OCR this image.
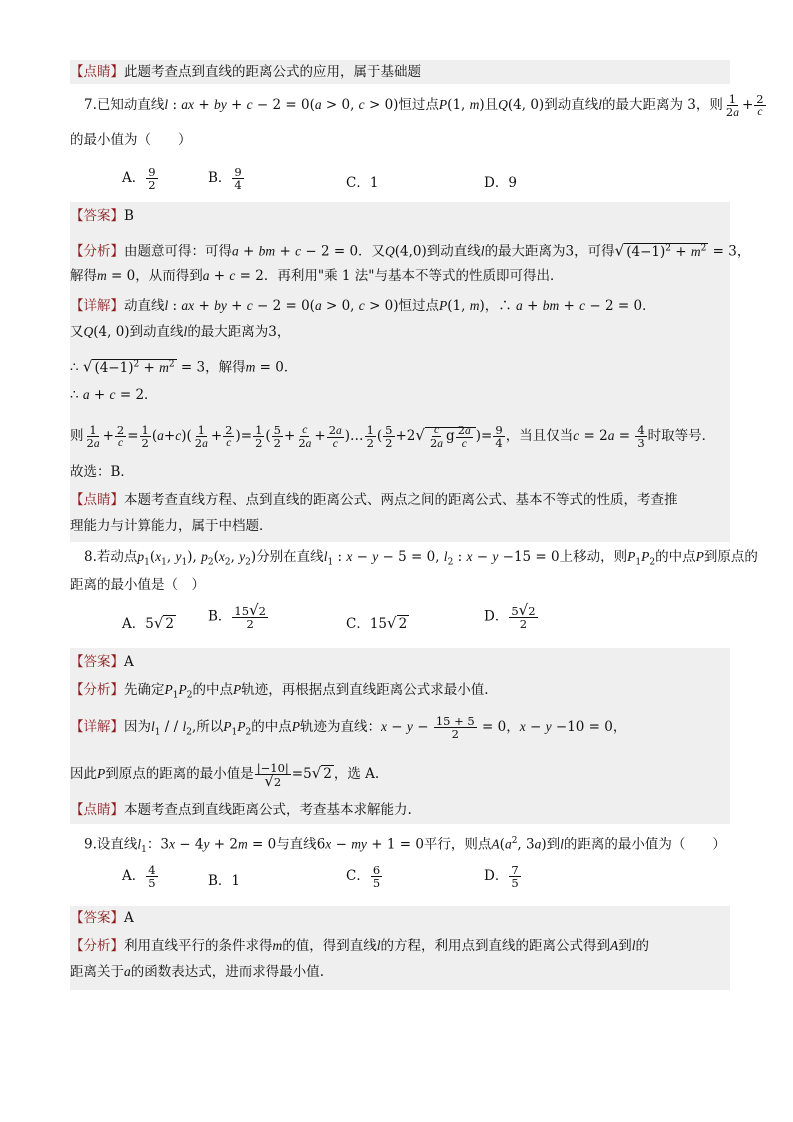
【点睛】此题考查点到直线的距离公式的应用，属于基础题
7.已知动直线l : ax + by + c − 2 = 0(a > 0, c > 0)恒过点P(1, m)且Q(4, 0)到动直线l的最大距离为 3，则 $\frac{1}{2a} + \frac{2}{c}$
的最小值为（　　）
A． $\frac{9}{2}$	B． $\frac{9}{4}$	C．1	D．9
【答案】B
【分析】由题意可得：可得a + bm + c − 2 = 0．又Q(4,0)到动直线l的最大距离为3，可得√ $(4-1)^2 + m^2 = 3$，
解得m = 0，从而得到a + c = 2．再利用"乘 1 法"与基本不等式的性质即可得出．
【详解】动直线l : ax + by + c − 2 = 0(a > 0, c > 0)恒过点P(1, m)，∴ a + bm + c − 2 = 0．
又Q(4, 0)到动直线l的最大距离为3，
∴ √ $(4-1)^2 + m^2 = 3$，解得m = 0．
∴ a + c = 2．
则 $\frac{1}{2a} + \frac{2}{c} = \frac{1}{2} (a+c)( \frac{1}{2a} + \frac{2}{c}$ )= $\frac{1}{2}$ ( $\frac{5}{2} + \frac{c}{2a} + \frac{2a}{c}$ )… $\frac{1}{2}$ ( $\frac{5}{2} +2√ \frac{c}{2a}$ g $\frac{2a}{c}$ )= $\frac{9}{4}$ ，当且仅当$c = 2a = \frac{4}{3}$ 时取等号．
故选：B．
【点睛】本题考查直线方程、点到直线的距离公式、两点之间的距离公式、基本不等式的性质，考查推
理能力与计算能力，属于中档题．
8.若动点$p_1(x_1$, $y_1$), $p_2(x_2$, $y_2$)分别在直线$l_1$ : x − y − 5 = 0, $l_2$ : x − y −15 = 0上移动，则$P_1P_2$的中点P到原点的
距离的最小值是（　）
A．5√ 2	B． $\frac{15√2}{2}$	C．15√ 2	D． $\frac{5√2}{2}$
【答案】A
【分析】先确定$P_1P_2$的中点P轨迹，再根据点到直线距离公式求最小值.
【详解】因为$l_1$ / / $l_2$,所以$P_1P_2$的中点P轨迹为直线：$x - y - \frac{15 + 5}{2} = 0$，x − y −10 = 0，
因此P到原点的距离的最小值是 $\frac{|-10|}{√2} =5√$ 2 ，选 A.
【点睛】本题考查点到直线距离公式，考查基本求解能力.
9.设直线$l_1$：3x − 4y + 2m = 0与直线6x − my + 1 = 0平行，则点$A(a^2$, 3a)到l的距离的最小值为（　　）
A． $\frac{4}{5}$	B．1	C． $\frac{6}{5}$	D． $\frac{7}{5}$
【答案】A
【分析】利用直线平行的条件求得m的值，得到直线l的方程，利用点到直线的距离公式得到A到l的
距离关于a的函数表达式，进而求得最小值.
